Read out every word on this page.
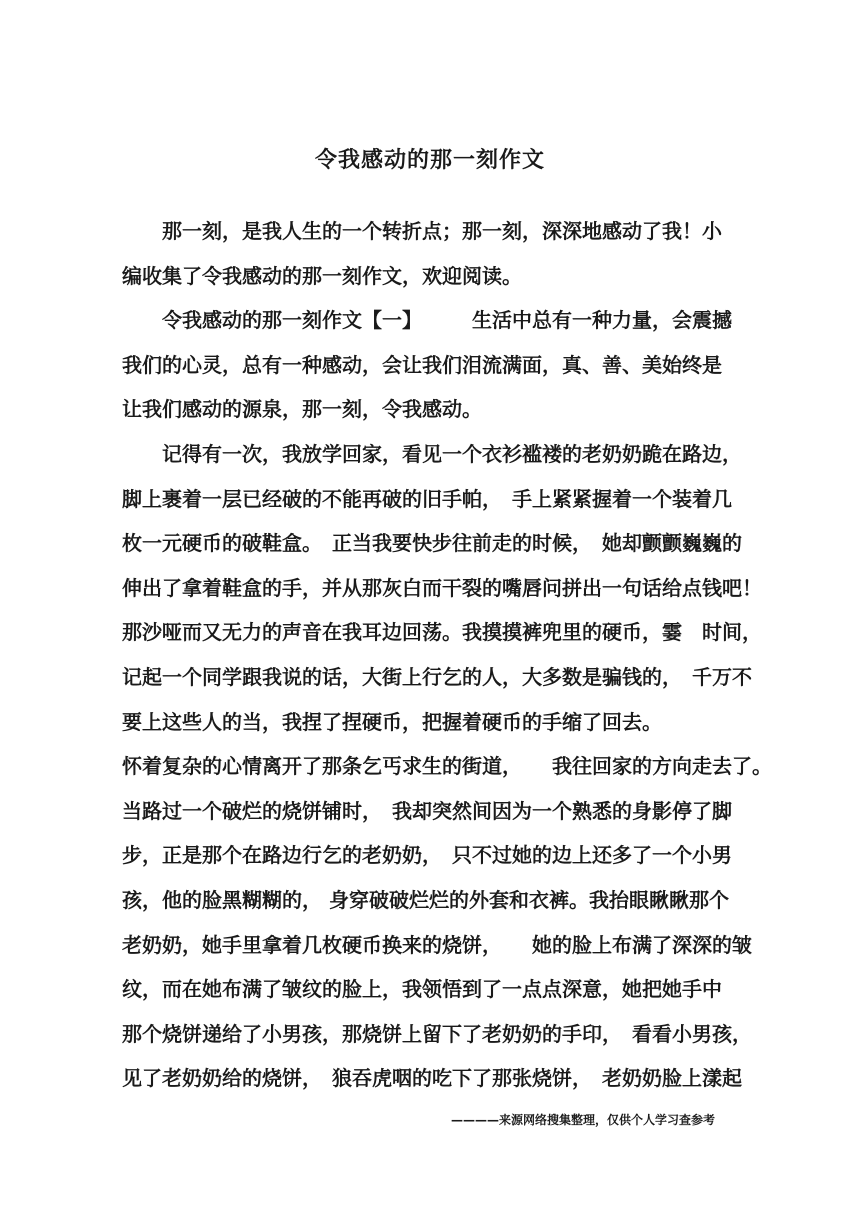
令我感动的那一刻作文
　　那一刻，是我人生的一个转折点；那一刻，深深地感动了我！小
编收集了令我感动的那一刻作文，欢迎阅读。
　　令我感动的那一刻作文【一】　　　生活中总有一种力量，会震撼
我们的心灵，总有一种感动，会让我们泪流满面，真、善、美始终是
让我们感动的源泉，那一刻，令我感动。
　　记得有一次，我放学回家，看见一个衣衫褴褛的老奶奶跪在路边，
脚上裹着一层已经破的不能再破的旧手帕，　手上紧紧握着一个装着几
枚一元硬币的破鞋盒。　正当我要快步往前走的时候，　她却颤颤巍巍的
伸出了拿着鞋盒的手，并从那灰白而干裂的嘴唇问拼出一句话给点钱吧！
那沙哑而又无力的声音在我耳边回荡。我摸摸裤兜里的硬币，霎　时间，
记起一个同学跟我说的话，大街上行乞的人，大多数是骗钱的，　千万不
要上这些人的当，我捏了捏硬币，把握着硬币的手缩了回去。
怀着复杂的心情离开了那条乞丐求生的街道，　　我往回家的方向走去了。
当路过一个破烂的烧饼铺时，　我却突然间因为一个熟悉的身影停了脚
步，正是那个在路边行乞的老奶奶，　只不过她的边上还多了一个小男
孩，他的脸黑糊糊的， 身穿破破烂烂的外套和衣裤。我抬眼瞅瞅那个
老奶奶，她手里拿着几枚硬币换来的烧饼，　　她的脸上布满了深深的皱
纹，而在她布满了皱纹的脸上，我领悟到了一点点深意，她把她手中
那个烧饼递给了小男孩，那烧饼上留下了老奶奶的手印，　看看小男孩，
见了老奶奶给的烧饼，　狼吞虎咽的吃下了那张烧饼，　老奶奶脸上漾起
————来源网络搜集整理，仅供个人学习查参考
